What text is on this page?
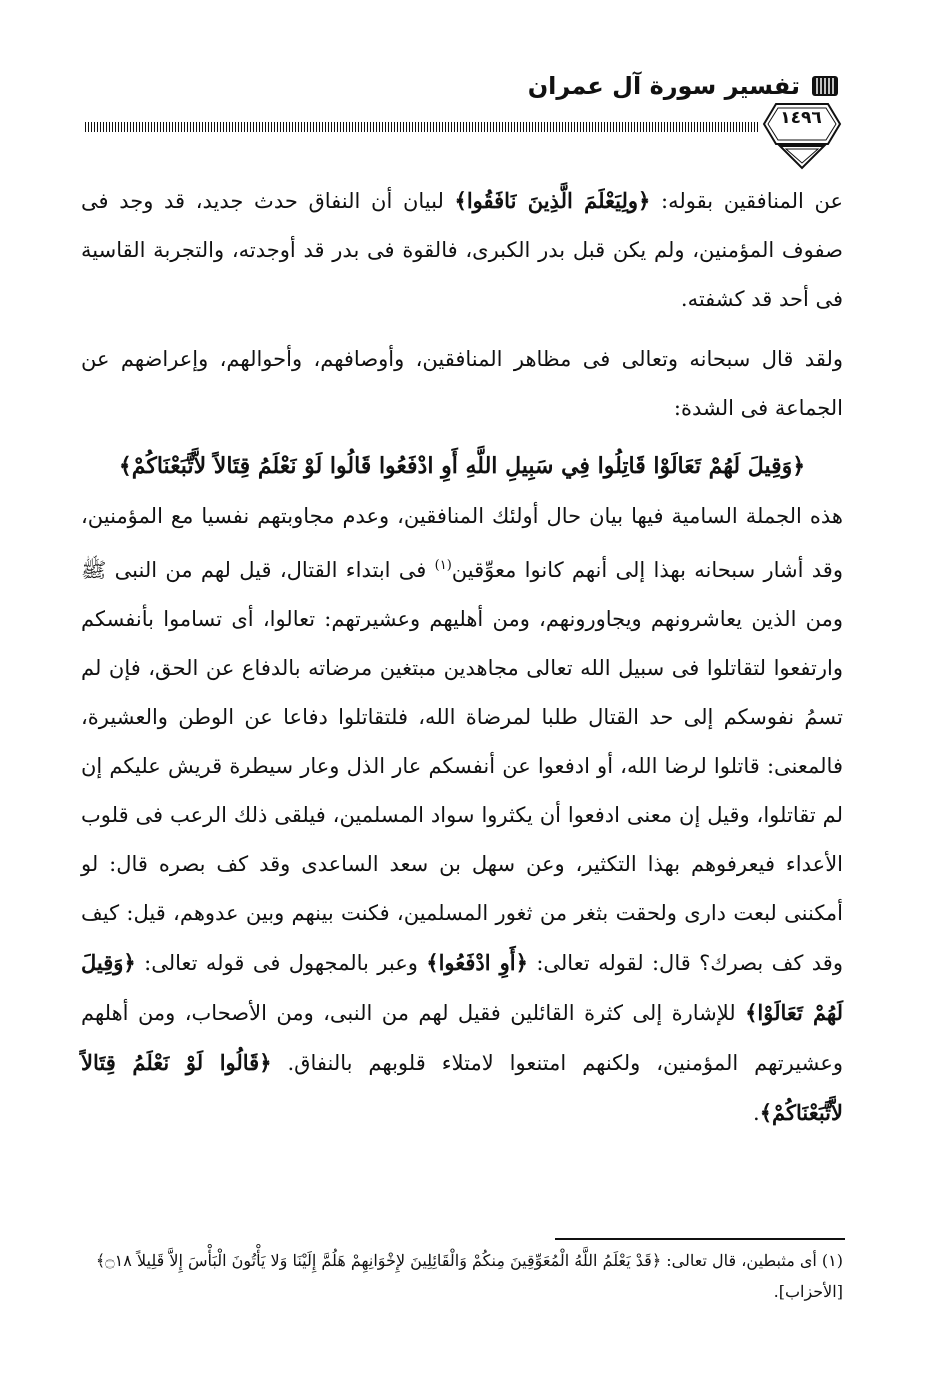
تفسير سورة آل عمران
١٤٩٦
عن المنافقين بقوله: ﴿ولِيَعْلَمَ الَّذِينَ نَافَقُوا﴾ لبيان أن النفاق حدث جديد، قد وجد فى صفوف المؤمنين، ولم يكن قبل بدر الكبرى، فالقوة فى بدر قد أوجدته، والتجربة القاسية فى أحد قد كشفته.
ولقد قال سبحانه وتعالى فى مظاهر المنافقين، وأوصافهم، وأحوالهم، وإعراضهم عن الجماعة فى الشدة:
﴿وَقِيلَ لَهُمْ تَعَالَوْا قَاتِلُوا فِي سَبِيلِ اللَّهِ أَوِ ادْفَعُوا قَالُوا لَوْ نَعْلَمُ قِتَالاً لاَّتَّبَعْنَاكُمْ﴾
هذه الجملة السامية فيها بيان حال أولئك المنافقين، وعدم مجاوبتهم نفسيا مع المؤمنين، وقد أشار سبحانه بهذا إلى أنهم كانوا معوِّقين$^{(١)}$ فى ابتداء القتال، قيل لهم من النبى ﷺ ومن الذين يعاشرونهم ويجاورونهم، ومن أهليهم وعشيرتهم: تعالوا، أى تساموا بأنفسكم وارتفعوا لتقاتلوا فى سبيل الله تعالى مجاهدين مبتغين مرضاته بالدفاع عن الحق، فإن لم تسمُ نفوسكم إلى حد القتال طلبا لمرضاة الله، فلتقاتلوا دفاعا عن الوطن والعشيرة، فالمعنى: قاتلوا لرضا الله، أو ادفعوا عن أنفسكم عار الذل وعار سيطرة قريش عليكم إن لم تقاتلوا، وقيل إن معنى ادفعوا أن يكثروا سواد المسلمين، فيلقى ذلك الرعب فى قلوب الأعداء فيعرفوهم بهذا التكثير، وعن سهل بن سعد الساعدى وقد كف بصره قال: لو أمكننى لبعت دارى ولحقت بثغر من ثغور المسلمين، فكنت بينهم وبين عدوهم، قيل: كيف وقد كف بصرك؟ قال: لقوله تعالى: ﴿أَوِ ادْفَعُوا﴾ وعبر بالمجهول فى قوله تعالى: ﴿وَقِيلَ لَهُمْ تَعَالَوْا﴾ للإشارة إلى كثرة القائلين فقيل لهم من النبى، ومن الأصحاب، ومن أهلهم وعشيرتهم المؤمنين، ولكنهم امتنعوا لامتلاء قلوبهم بالنفاق. ﴿قَالُوا لَوْ نَعْلَمُ قِتَالاً لاَّتَّبَعْنَاكُمْ﴾.
(١) أى مثبطين، قال تعالى: ﴿قَدْ يَعْلَمُ اللَّهُ الْمُعَوِّقِينَ مِنكُمْ وَالْقَائِلِينَ لإِخْوَانِهِمْ هَلُمَّ إِلَيْنَا وَلا يَأْتُونَ الْبَأْسَ إِلاَّ قَلِيلاً ۝١٨﴾ [الأحزاب].
